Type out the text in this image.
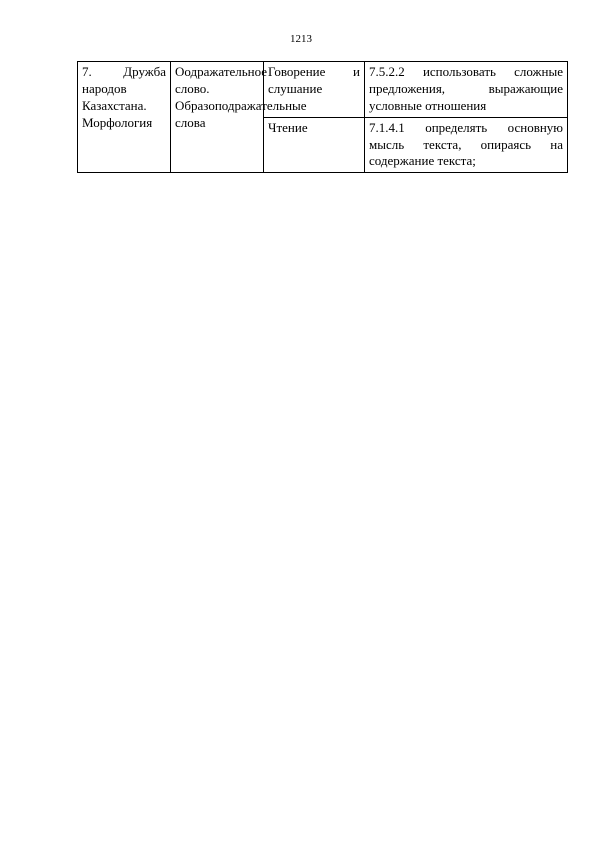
1213
7. Дружба народов Казахстана. Морфология	Оодражательное слово. Образоподражательные слова	Говорение и слушание	7.5.2.2 использовать сложные предложения, выражающие условные отношения
		Чтение	7.1.4.1 определять основную мысль текста, опираясь на содержание текста;
